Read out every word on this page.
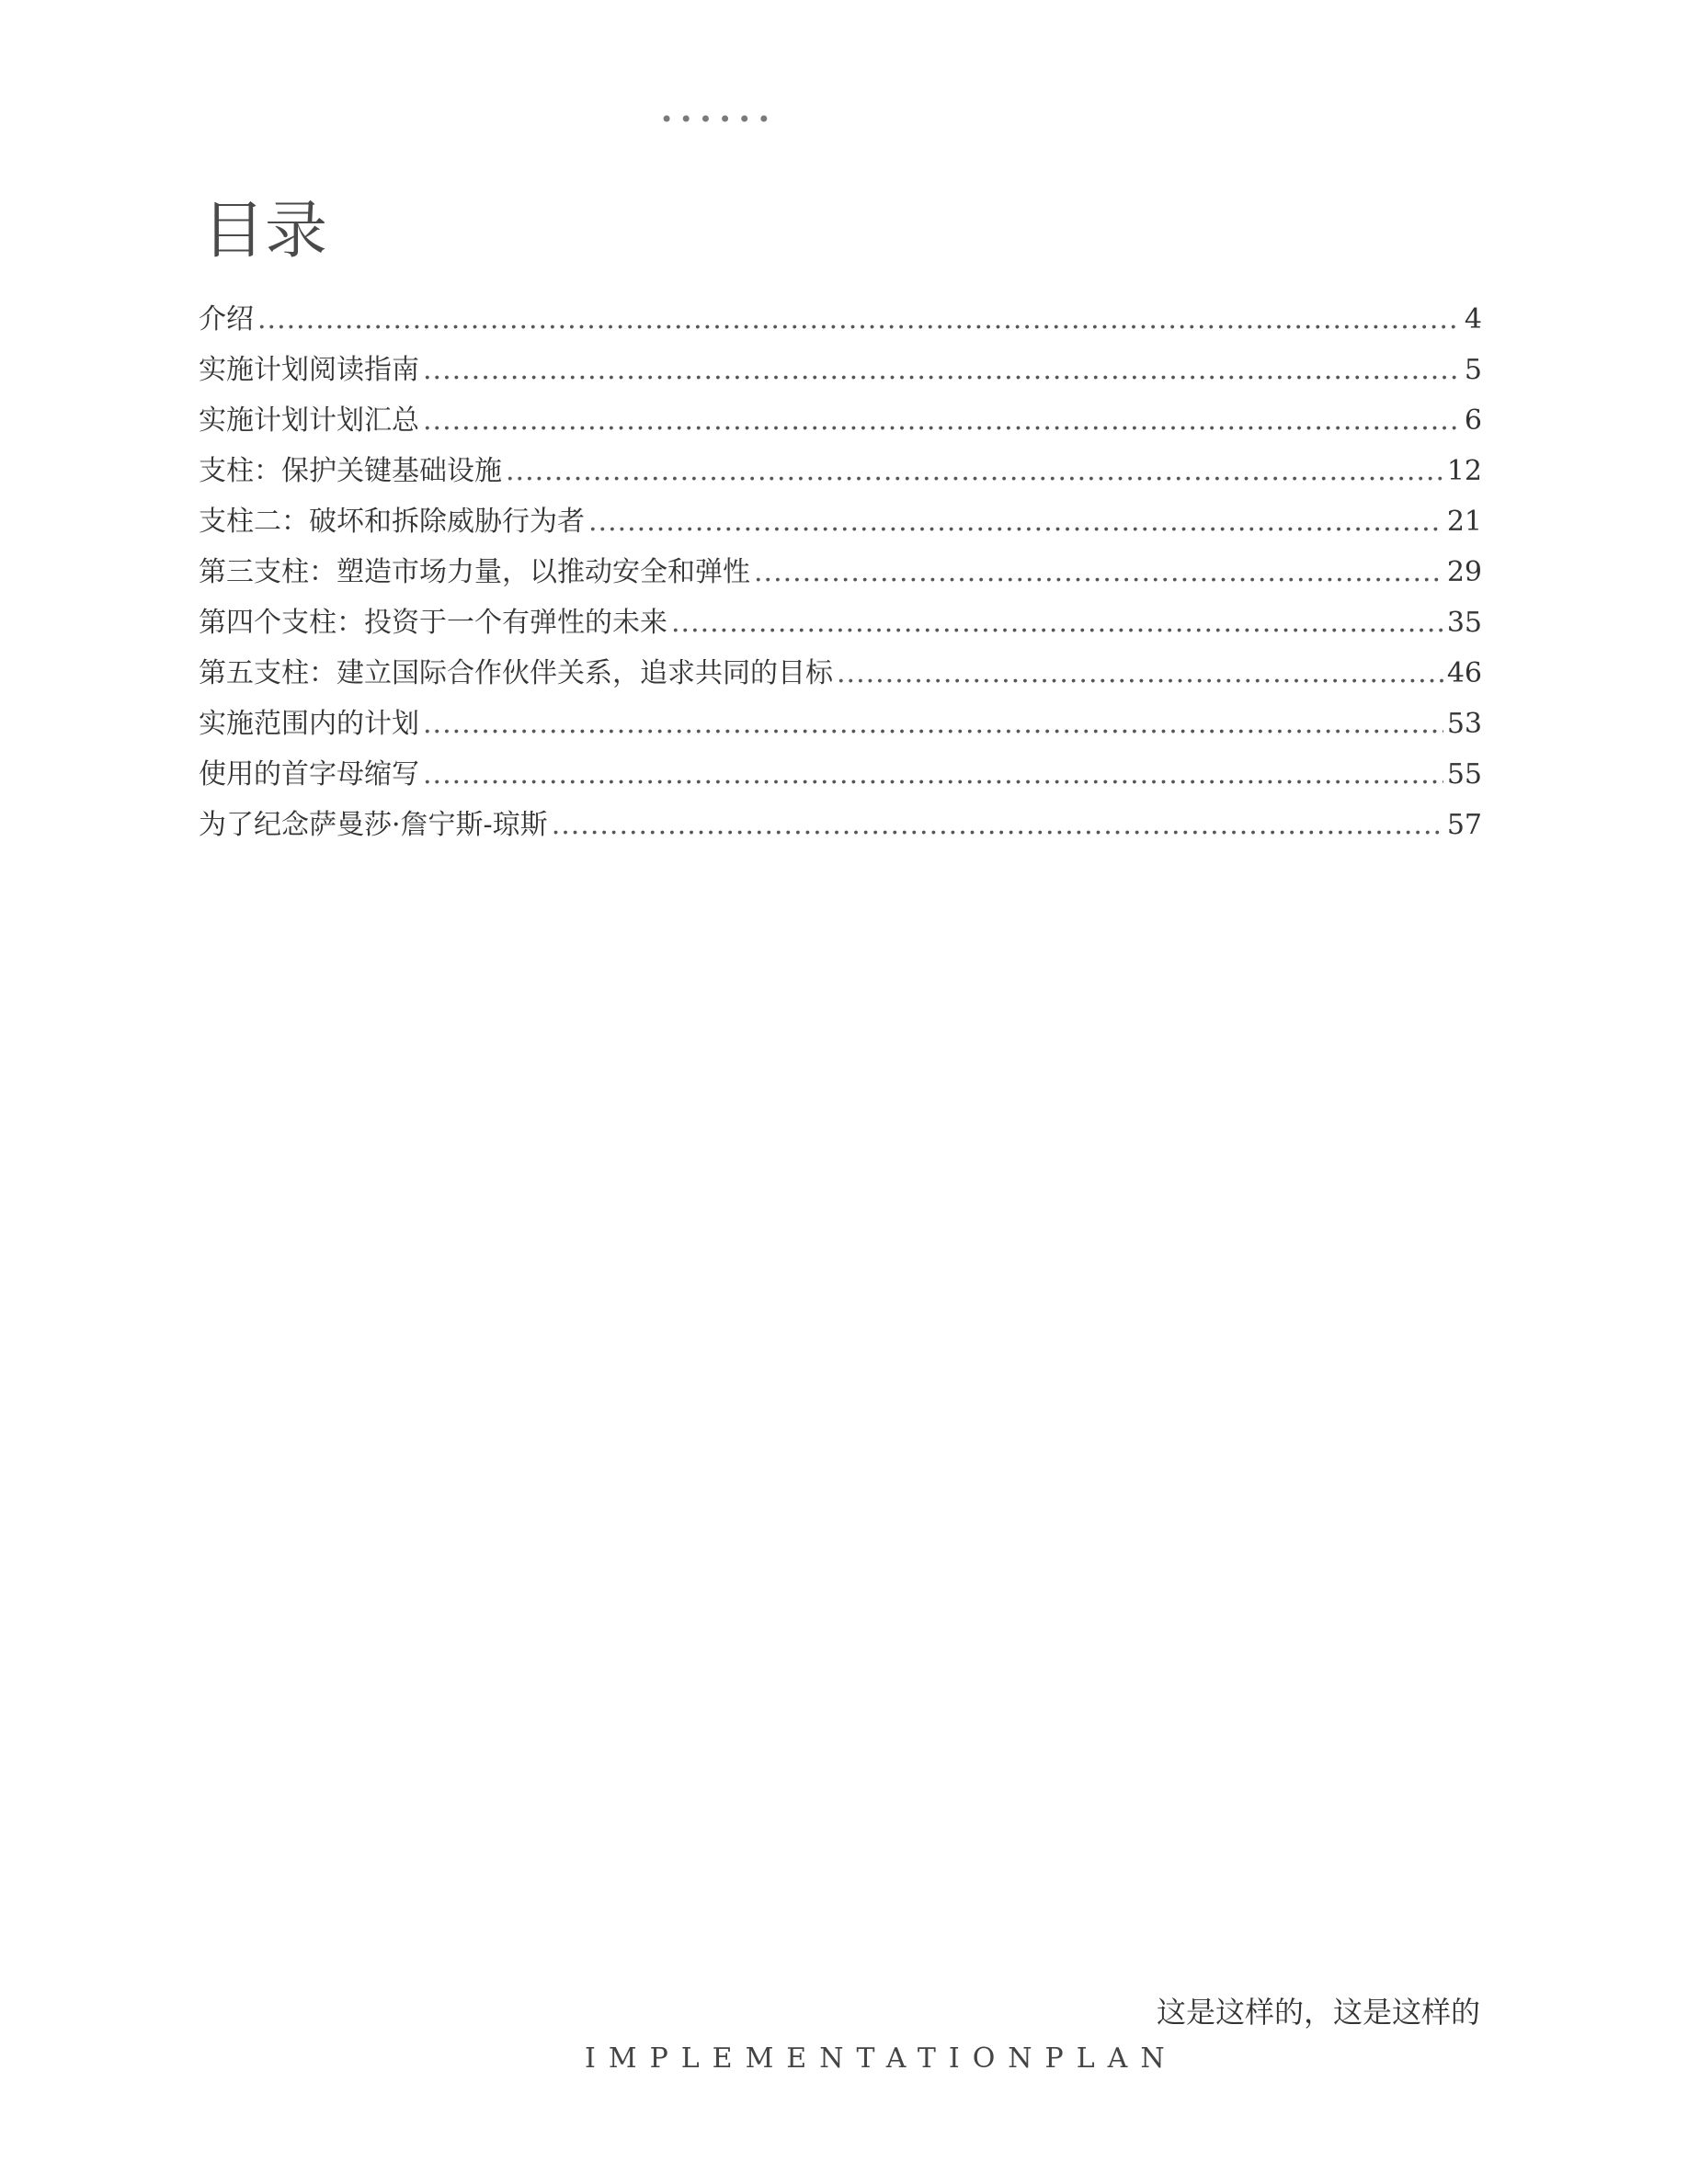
••••••
目录
介绍 .....	4
实施计划阅读指南 .....	5
实施计划计划汇总 .....	6
支柱：保护关键基础设施 .....	12
支柱二：破坏和拆除威胁行为者 .....	21
第三支柱：塑造市场力量，以推动安全和弹性 .....	29
第四个支柱：投资于一个有弹性的未来 .....	35
第五支柱：建立国际合作伙伴关系，追求共同的目标 .....	46
实施范围内的计划 .....	53
使用的首字母缩写 .....	55
为了纪念萨曼莎·詹宁斯-琼斯 .....	57
这是这样的，这是这样的
IMPLEMENTATIONPLAN
